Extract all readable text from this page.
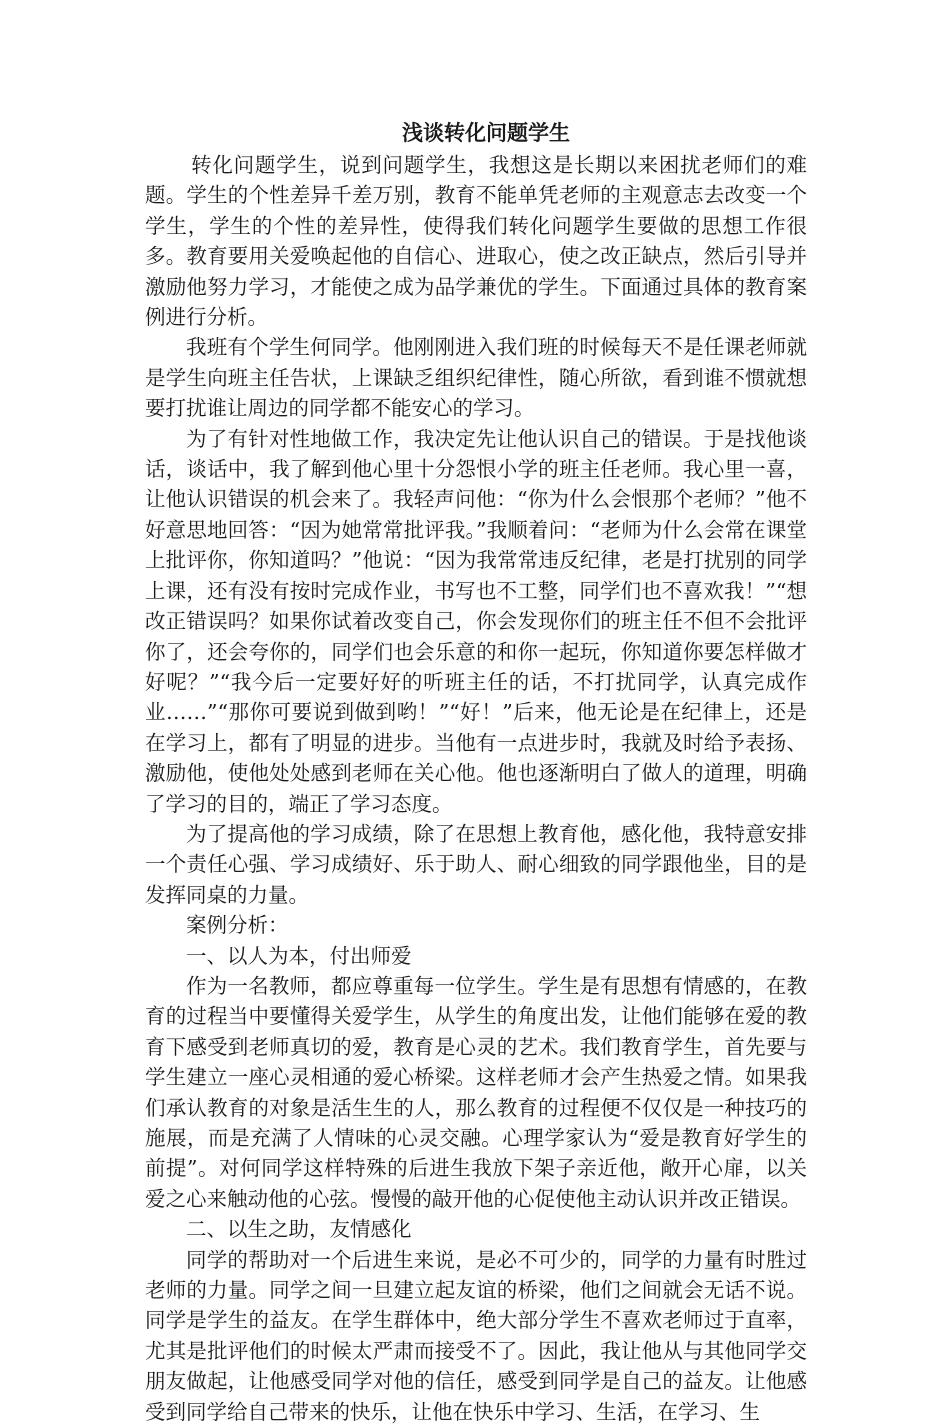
浅谈转化问题学生

转化问题学生，说到问题学生，我想这是长期以来困扰老师们的难题。学生的个性差异千差万别，教育不能单凭老师的主观意志去改变一个学生，学生的个性的差异性，使得我们转化问题学生要做的思想工作很多。教育要用关爱唤起他的自信心、进取心，使之改正缺点，然后引导并激励他努力学习，才能使之成为品学兼优的学生。下面通过具体的教育案例进行分析。

我班有个学生何同学。他刚刚进入我们班的时候每天不是任课老师就是学生向班主任告状，上课缺乏组织纪律性，随心所欲，看到谁不惯就想要打扰谁让周边的同学都不能安心的学习。

为了有针对性地做工作，我决定先让他认识自己的错误。于是找他谈话，谈话中，我了解到他心里十分怨恨小学的班主任老师。我心里一喜，让他认识错误的机会来了。我轻声问他：“你为什么会恨那个老师？”他不好意思地回答：“因为她常常批评我。”我顺着问：“老师为什么会常在课堂上批评你，你知道吗？”他说：“因为我常常违反纪律，老是打扰别的同学上课，还有没有按时完成作业，书写也不工整，同学们也不喜欢我！”“想改正错误吗？如果你试着改变自己，你会发现你们的班主任不但不会批评你了，还会夸你的，同学们也会乐意的和你一起玩，你知道你要怎样做才好呢？”“我今后一定要好好的听班主任的话，不打扰同学，认真完成作业……”“那你可要说到做到哟！”“好！”后来，他无论是在纪律上，还是在学习上，都有了明显的进步。当他有一点进步时，我就及时给予表扬、激励他，使他处处感到老师在关心他。他也逐渐明白了做人的道理，明确了学习的目的，端正了学习态度。

为了提高他的学习成绩，除了在思想上教育他，感化他，我特意安排一个责任心强、学习成绩好、乐于助人、耐心细致的同学跟他坐，目的是发挥同桌的力量。

案例分析：

一、以人为本，付出师爱

作为一名教师，都应尊重每一位学生。学生是有思想有情感的，在教育的过程当中要懂得关爱学生，从学生的角度出发，让他们能够在爱的教育下感受到老师真切的爱，教育是心灵的艺术。我们教育学生，首先要与学生建立一座心灵相通的爱心桥梁。这样老师才会产生热爱之情。如果我们承认教育的对象是活生生的人，那么教育的过程便不仅仅是一种技巧的施展，而是充满了人情味的心灵交融。心理学家认为“爱是教育好学生的前提”。对何同学这样特殊的后进生我放下架子亲近他，敞开心扉，以关爱之心来触动他的心弦。慢慢的敲开他的心促使他主动认识并改正错误。

二、以生之助，友情感化

同学的帮助对一个后进生来说，是必不可少的，同学的力量有时胜过老师的力量。同学之间一旦建立起友谊的桥梁，他们之间就会无话不说。同学是学生的益友。在学生群体中，绝大部分学生不喜欢老师过于直率，尤其是批评他们的时候太严肃而接受不了。因此，我让他从与其他同学交朋友做起，让他感受同学对他的信任，感受到同学是自己的益友。让他感受到同学给自己带来的快乐，让他在快乐中学习、生活，在学习、生
